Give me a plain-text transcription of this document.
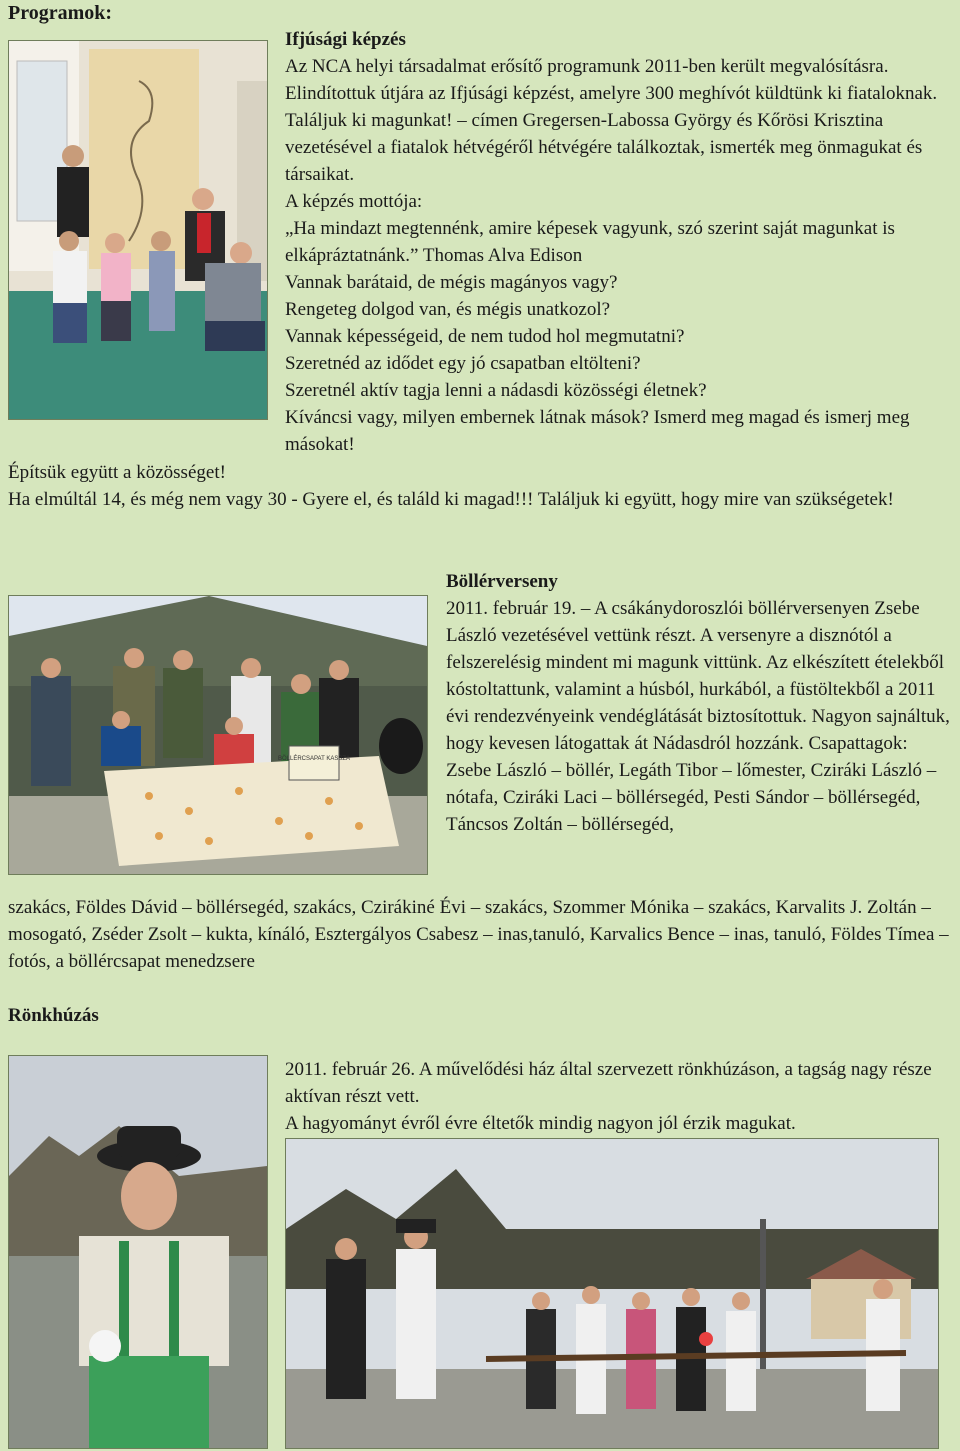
Programok:

Ifjúsági képzés

Az NCA helyi társadalmat erősítő programunk 2011-ben került megvalósításra. Elindítottuk útjára az Ifjúsági képzést, amelyre 300 meghívót küldtünk ki fiataloknak. Találjuk ki magunkat! – címen Gregersen-Labossa György és Kőrösi Krisztina vezetésével a fiatalok hétvégéről hétvégére találkoztak, ismerték meg önmagukat és társaikat.

A képzés mottója:

„Ha mindazt megtennénk, amire képesek vagyunk, szó szerint saját magunkat is elkápráztatnánk.” Thomas Alva Edison

Vannak barátaid, de mégis magányos vagy?

Rengeteg dolgod van, és mégis unatkozol?

Vannak képességeid, de nem tudod hol megmutatni?

Szeretnéd az idődet egy jó csapatban eltölteni?

Szeretnél aktív tagja lenni a nádasdi közösségi életnek?

Kíváncsi vagy, milyen embernek látnak mások? Ismerd meg magad és ismerj meg másokat!

Építsük együtt a közösséget!

Ha elmúltál 14, és még nem vagy 30 - Gyere el, és találd ki magad!!! Találjuk ki együtt, hogy mire van szükségetek!

BÖLLÉRCSAPAT KASSZA

Böllérverseny

2011. február 19. – A csákánydoroszlói böllérversenyen Zsebe László vezetésével vettünk részt. A versenyre a disznótól a felszerelésig mindent mi magunk vittünk. Az elkészített ételekből kóstoltattunk, valamint a húsból, hurkából, a füstöltekből a 2011 évi rendezvényeink vendéglátását biztosítottuk. Nagyon sajnáltuk, hogy kevesen látogattak át Nádasdról hozzánk. Csapattagok: Zsebe László – böllér, Legáth Tibor – lőmester, Cziráki László – nótafa, Cziráki Laci – böllérsegéd, Pesti Sándor – böllérsegéd, Táncsos Zoltán – böllérsegéd,

szakács, Földes Dávid – böllérsegéd, szakács, Czirákiné Évi – szakács, Szommer Mónika – szakács, Karvalits J. Zoltán – mosogató, Zséder Zsolt – kukta, kínáló, Esztergályos Csabesz – inas,tanuló, Karvalics Bence – inas, tanuló, Földes Tímea – fotós, a böllércsapat menedzsere

Rönkhúzás

2011. február 26. A művelődési ház által szervezett rönkhúzáson, a tagság nagy része aktívan részt vett.

A hagyományt évről évre éltetők mindig nagyon jól érzik magukat.
